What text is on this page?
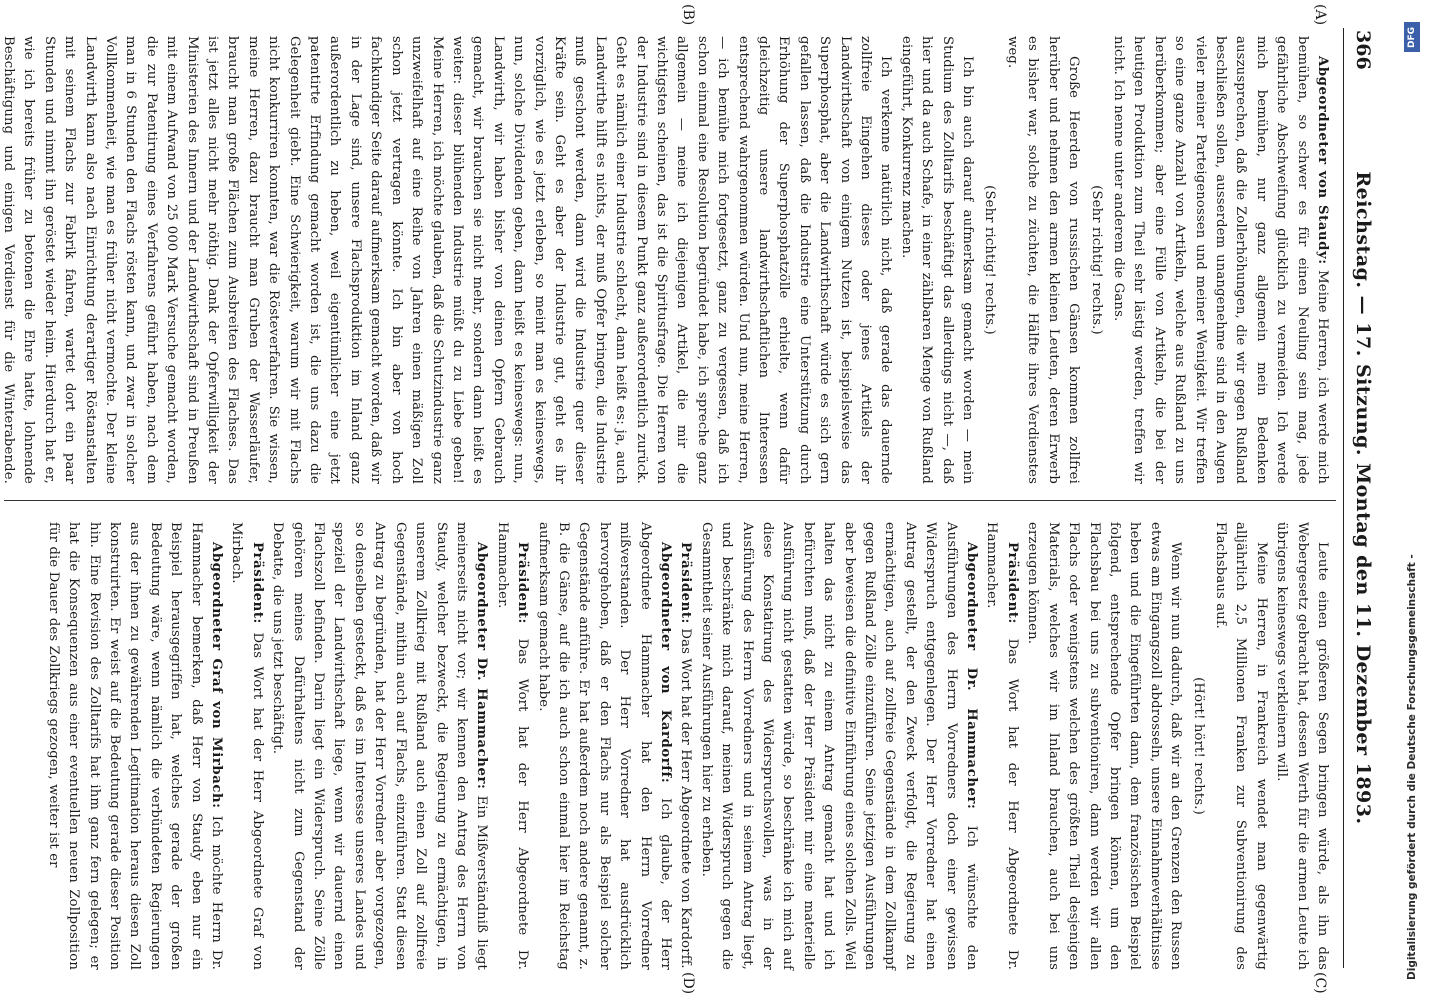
366
Reichstag. — 17. Sitzung. Montag den 11. Dezember 1893.
(A)
(B)
(C)
(D)

Abgeordneter von Staudy: Meine Herren, ich werde mich bemühen, so schwer es für einen Neuling sein mag, jede gefährliche Abschweifung glücklich zu vermeiden. Ich werde mich bemühen, nur ganz allgemein mein Bedenken auszusprechen, daß die Zollerhöhungen, die wir gegen Rußland beschließen sollen, ausserdem unangenehme sind in den Augen vieler meiner Parteigenossen und meiner Wenigkeit. Wir treffen so eine ganze Anzahl von Artikeln, welche aus Rußland zu uns herüberkommen; aber eine Fülle von Artikeln, die bei der heutigen Produktion zum Theil sehr lästig werden, treffen wir nicht. Ich nenne unter anderem die Gans.

(Sehr richtig! rechts.)

Große Heerden von russischen Gänsen kommen zollfrei herüber und nehmen den armen kleinen Leuten, deren Erwerb es bisher war, solche zu züchten, die Hälfte ihres Verdienstes weg.

(Sehr richtig! rechts.)

Ich bin auch darauf aufmerksam gemacht worden — mein Studium des Zolltarifs beschäftigt das allerdings nicht —, daß hier und da auch Schafe, in einer zählbaren Menge von Rußland eingeführt, Konkurrenz machen.

Ich verkenne natürlich nicht, daß gerade das dauernde zollfreie Eingehen dieses oder jenes Artikels der Landwirthschaft von einigem Nutzen ist, beispielsweise das Superphosphat, aber die Landwirthschaft würde es sich gern gefallen lassen, daß die Industrie eine Unterstützung durch Erhöhung der Superphosphatzölle erhielte, wenn dafür gleichzeitig unsere landwirthschaftlichen Interessen entsprechend wahrgenommen würden. Und nun, meine Herren, — ich bemühe mich fortgesetzt, ganz zu vergessen, daß ich schon einmal eine Resolution begründet habe, ich spreche ganz allgemein — meine ich diejenigen Artikel, die mir die wichtigsten scheinen, das ist die Spiritusfrage. Die Herren von der Industrie sind in diesem Punkt ganz außerordentlich zurück. Geht es nämlich einer Industrie schlecht, dann heißt es: ja, auch Landwirthe hilft es nichts, der muß Opfer bringen, die Industrie muß geschont werden, dann wird die Industrie quer dieser Kräfte sein. Geht es aber der Industrie gut, geht es ihr vorzüglich, wie es jetzt erleben, so meint man es keineswegs, nun, solche Dividenden geben, dann heißt es keineswegs: nun, Landwirth, wir haben bisher von deinen Opfern Gebrauch gemacht, wir brauchen sie nicht mehr, sondern dann heißt es weiter: dieser blühenden Industrie müßt du zu Liebe geben! Meine Herren, ich möchte glauben, daß die Schutzindustrie ganz unzweifelhaft auf eine Reihe von Jahren einen mäßigen Zoll schon jetzt vertragen könnte. Ich bin aber von hoch fachkundiger Seite darauf aufmerksam gemacht worden, daß wir in der Lage sind, unsere Flachsproduktion im Inland ganz außerordentlich zu heben, weil eigentümlicher eine jetzt patentirte Erfindung gemacht worden ist, die uns dazu die Gelegenheit giebt. Eine Schwierigkeit, warum wir mit Flachs nicht konkurriren konnten, war die Rösteverfahren. Sie wissen, meine Herren, dazu braucht man Gruben der Wasserläufer, braucht man große Flächen zum Ausbreiten des Flachses. Das ist jetzt alles nicht mehr nöthig. Dank der Opferwilligkeit der Ministerien des Innern und der Landwirthschaft sind in Preußen mit einem Aufwand von 25 000 Mark Versuche gemacht worden, die zur Patentirung eines Verfahrens geführt haben, nach dem man in 6 Stunden den Flachs rösten kann, und zwar in solcher Vollkommenheit, wie man es früher nicht vermochte. Der kleine Landwirth kann also nach Einrichtung derartiger Röstanstalten mit seinem Flachs zur Fabrik fahren, wartet dort ein paar Stunden und nimmt ihn geröstet wieder heim. Hierdurch hat er, wie ich bereits früher zu betonen die Ehre hatte, lohnende Beschäftigung und einigen Verdienst für die Winterabende.

Leute einen größeren Segen bringen würde, als ihn das Webergesetz gebracht hat, dessen Werth für die armen Leute ich übrigens keineswegs verkleinern will.

Meine Herren, in Frankreich wendet man gegenwärtig alljährlich 2,5 Millionen Franken zur Subventionirung des Flachsbaus auf.

(Hört! hört! rechts.)

Wenn wir nun dadurch, daß wir an den Grenzen den Russen etwas am Eingangszoll abdrosseln, unsere Einnahmeverhältnisse heben und die Eingeführten dann, dem französischen Beispiel folgend, entsprechende Opfer bringen können, um den Flachsbau bei uns zu subventioniren, dann werden wir allen Flachs oder wenigstens welchen des größten Theil desjenigen Materials, welches wir im Inland brauchen, auch bei uns erzeugen können.

Präsident: Das Wort hat der Herr Abgeordnete Dr. Hammacher.

Abgeordneter Dr. Hammacher: Ich wünschte den Ausführungen des Herrn Vorredners doch einer gewissen Widerspruch entgegenlegen. Der Herr Vorredner hat einen Antrag gestellt, der den Zweck verfolgt, die Regierung zu ermächtigen, auch auf zollfreie Gegenstände in dem Zollkampf gegen Rußland Zölle einzuführen. Seine jetzigen Ausführungen aber beweisen die definitive Einführung eines solchen Zolls. Weil halten das nicht zu einem Antrag gemacht hat und ich befürchten muß, daß der Herr Präsident mir eine materielle Ausführung nicht gestatten würde, so beschränke ich mich auf diese Konstatirung des Widerspruchsvollen, was in der Ausführung des Herrn Vorredners und in seinem Antrag liegt, und beschränke mich darauf, meinen Widerspruch gegen die Gesammtheit seiner Ausführungen hier zu erheben.

Präsident: Das Wort hat der Herr Abgeordnete von Kardorff.

Abgeordneter von Kardorff: Ich glaube, der Herr Abgeordnete Hammacher hat den Herrn Vorredner mißverstanden. Der Herr Vorredner hat ausdrücklich hervorgehoben, daß er den Flachs nur als Beispiel solcher Gegenstände anführe. Er hat außerdem noch andere genannt, z. B. die Gänse, auf die ich auch schon einmal hier im Reichstag aufmerksam gemacht habe.

Präsident: Das Wort hat der Herr Abgeordnete Dr. Hammacher.

Abgeordneter Dr. Hammacher: Ein Mißverständniß liegt meinerseits nicht vor; wir kennen den Antrag des Herrn von Staudy, welcher bezweckt, die Regierung zu ermächtigen, in unserem Zollkrieg mit Rußland auch einen Zoll auf zollfreie Gegenstände, mithin auch auf Flachs, einzuführen. Statt diesen Antrag zu begründen, hat der Herr Vorredner aber vorgezogen, so denselben gesteckt, daß es im Interesse unseres Landes und speziell der Landwirthschaft liege, wenn wir dauernd einen Flachszoll befinden. Darin liegt ein Widerspruch. Seine Zölle gehören meines Dafürhaltens nicht zum Gegenstand der Debatte, die uns jetzt beschäftigt.

Präsident: Das Wort hat der Herr Abgeordnete Graf von Mirbach.

Abgeordneter Graf von Mirbach: Ich möchte Herrn Dr. Hammacher bemerken, daß Herr von Staudy eben nur ein Beispiel herausgegriffen hat, welches gerade der großen Bedeutung wäre, wenn nämlich die verbündeten Regierungen aus der ihnen zu gewährenden Legitimation heraus diesen Zoll konstruirten. Er weist auf die Bedeutung gerade dieser Position hin. Eine Revision des Zolltarifs hat ihm ganz fern gelegen; er hat die Konsequenzen aus einer eventuellen neuen Zollposition für die Dauer des Zollkriegs gezogen, weiter ist er	Digitalisierung gefördert durch die Deutsche Forschungsgemeinschaft -
DFG
